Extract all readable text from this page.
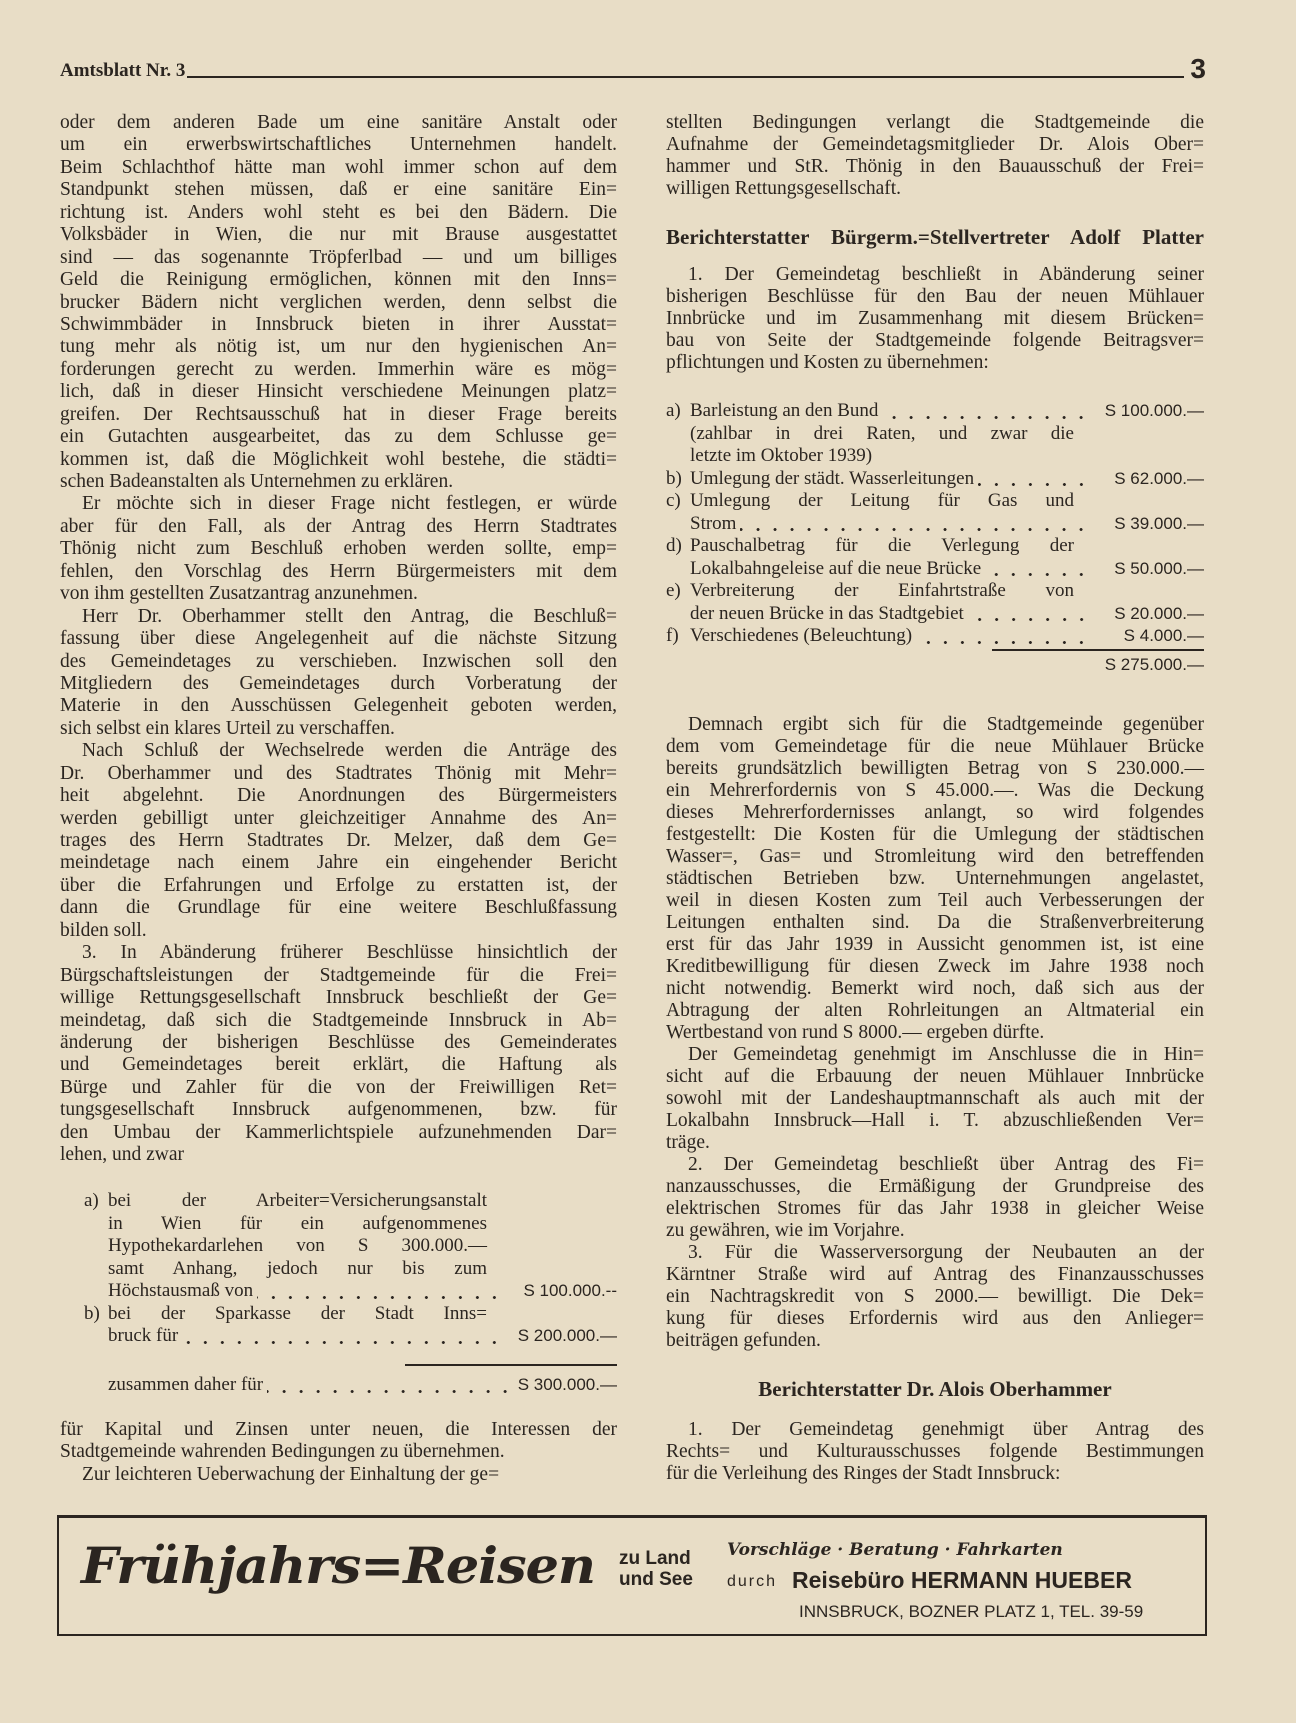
Amtsblatt Nr. 3	3
oder dem anderen Bade um eine sanitäre Anstalt oder
um ein erwerbswirtschaftliches Unternehmen handelt.
Beim Schlachthof hätte man wohl immer schon auf dem
Standpunkt stehen müssen, daß er eine sanitäre Ein=
richtung ist. Anders wohl steht es bei den Bädern. Die
Volksbäder in Wien, die nur mit Brause ausgestattet
sind — das sogenannte Tröpferlbad — und um billiges
Geld die Reinigung ermöglichen, können mit den Inns=
brucker Bädern nicht verglichen werden, denn selbst die
Schwimmbäder in Innsbruck bieten in ihrer Ausstat=
tung mehr als nötig ist, um nur den hygienischen An=
forderungen gerecht zu werden. Immerhin wäre es mög=
lich, daß in dieser Hinsicht verschiedene Meinungen platz=
greifen. Der Rechtsausschuß hat in dieser Frage bereits
ein Gutachten ausgearbeitet, das zu dem Schlusse ge=
kommen ist, daß die Möglichkeit wohl bestehe, die städti=
schen Badeanstalten als Unternehmen zu erklären.
Er möchte sich in dieser Frage nicht festlegen, er würde
aber für den Fall, als der Antrag des Herrn Stadtrates
Thönig nicht zum Beschluß erhoben werden sollte, emp=
fehlen, den Vorschlag des Herrn Bürgermeisters mit dem
von ihm gestellten Zusatzantrag anzunehmen.
Herr Dr. Oberhammer stellt den Antrag, die Beschluß=
fassung über diese Angelegenheit auf die nächste Sitzung
des Gemeindetages zu verschieben. Inzwischen soll den
Mitgliedern des Gemeindetages durch Vorberatung der
Materie in den Ausschüssen Gelegenheit geboten werden,
sich selbst ein klares Urteil zu verschaffen.
Nach Schluß der Wechselrede werden die Anträge des
Dr. Oberhammer und des Stadtrates Thönig mit Mehr=
heit abgelehnt. Die Anordnungen des Bürgermeisters
werden gebilligt unter gleichzeitiger Annahme des An=
trages des Herrn Stadtrates Dr. Melzer, daß dem Ge=
meindetage nach einem Jahre ein eingehender Bericht
über die Erfahrungen und Erfolge zu erstatten ist, der
dann die Grundlage für eine weitere Beschlußfassung
bilden soll.
3. In Abänderung früherer Beschlüsse hinsichtlich der
Bürgschaftsleistungen der Stadtgemeinde für die Frei=
willige Rettungsgesellschaft Innsbruck beschließt der Ge=
meindetag, daß sich die Stadtgemeinde Innsbruck in Ab=
änderung der bisherigen Beschlüsse des Gemeinderates
und Gemeindetages bereit erklärt, die Haftung als
Bürge und Zahler für die von der Freiwilligen Ret=
tungsgesellschaft Innsbruck aufgenommenen, bzw. für
den Umbau der Kammerlichtspiele aufzunehmenden Dar=
lehen, und zwar
a) bei der Arbeiter=Versicherungsanstalt
in Wien für ein aufgenommenes
Hypothekardarlehen von S 300.000.—
samt Anhang, jedoch nur bis zum
Höchstausmaß von	S 100.000.--
b) bei der Sparkasse der Stadt Inns=
bruck für	S 200.000.—
zusammen daher für	S 300.000.—
für Kapital und Zinsen unter neuen, die Interessen der
Stadtgemeinde wahrenden Bedingungen zu übernehmen.
Zur leichteren Ueberwachung der Einhaltung der ge=
stellten Bedingungen verlangt die Stadtgemeinde die
Aufnahme der Gemeindetagsmitglieder Dr. Alois Ober=
hammer und StR. Thönig in den Bauausschuß der Frei=
willigen Rettungsgesellschaft.
Berichterstatter Bürgerm.=Stellvertreter Adolf Platter
1. Der Gemeindetag beschließt in Abänderung seiner
bisherigen Beschlüsse für den Bau der neuen Mühlauer
Innbrücke und im Zusammenhang mit diesem Brücken=
bau von Seite der Stadtgemeinde folgende Beitragsver=
pflichtungen und Kosten zu übernehmen:
a) Barleistung an den Bund	S 100.000.—
(zahlbar in drei Raten, und zwar die
letzte im Oktober 1939)
b) Umlegung der städt. Wasserleitungen	S 62.000.—
c) Umlegung der Leitung für Gas und
Strom	S 39.000.—
d) Pauschalbetrag für die Verlegung der
Lokalbahngeleise auf die neue Brücke	S 50.000.—
e) Verbreiterung der Einfahrtstraße von
der neuen Brücke in das Stadtgebiet	S 20.000.—
f) Verschiedenes (Beleuchtung)	S 4.000.—
S 275.000.—
Demnach ergibt sich für die Stadtgemeinde gegenüber
dem vom Gemeindetage für die neue Mühlauer Brücke
bereits grundsätzlich bewilligten Betrag von S 230.000.—
ein Mehrerfordernis von S 45.000.—. Was die Deckung
dieses Mehrerfordernisses anlangt, so wird folgendes
festgestellt: Die Kosten für die Umlegung der städtischen
Wasser=, Gas= und Stromleitung wird den betreffenden
städtischen Betrieben bzw. Unternehmungen angelastet,
weil in diesen Kosten zum Teil auch Verbesserungen der
Leitungen enthalten sind. Da die Straßenverbreiterung
erst für das Jahr 1939 in Aussicht genommen ist, ist eine
Kreditbewilligung für diesen Zweck im Jahre 1938 noch
nicht notwendig. Bemerkt wird noch, daß sich aus der
Abtragung der alten Rohrleitungen an Altmaterial ein
Wertbestand von rund S 8000.— ergeben dürfte.
Der Gemeindetag genehmigt im Anschlusse die in Hin=
sicht auf die Erbauung der neuen Mühlauer Innbrücke
sowohl mit der Landeshauptmannschaft als auch mit der
Lokalbahn Innsbruck—Hall i. T. abzuschließenden Ver=
träge.
2. Der Gemeindetag beschließt über Antrag des Fi=
nanzausschusses, die Ermäßigung der Grundpreise des
elektrischen Stromes für das Jahr 1938 in gleicher Weise
zu gewähren, wie im Vorjahre.
3. Für die Wasserversorgung der Neubauten an der
Kärntner Straße wird auf Antrag des Finanzausschusses
ein Nachtragskredit von S 2000.— bewilligt. Die Dek=
kung für dieses Erfordernis wird aus den Anlieger=
beiträgen gefunden.
Berichterstatter Dr. Alois Oberhammer
1. Der Gemeindetag genehmigt über Antrag des
Rechts= und Kulturausschusses folgende Bestimmungen
für die Verleihung des Ringes der Stadt Innsbruck:
Frühjahrs=Reisen zu Land
und See
Vorschläge · Beratung · Fahrkarten
durch Reisebüro HERMANN HUEBER
INNSBRUCK, BOZNER PLATZ 1, TEL. 39-59
